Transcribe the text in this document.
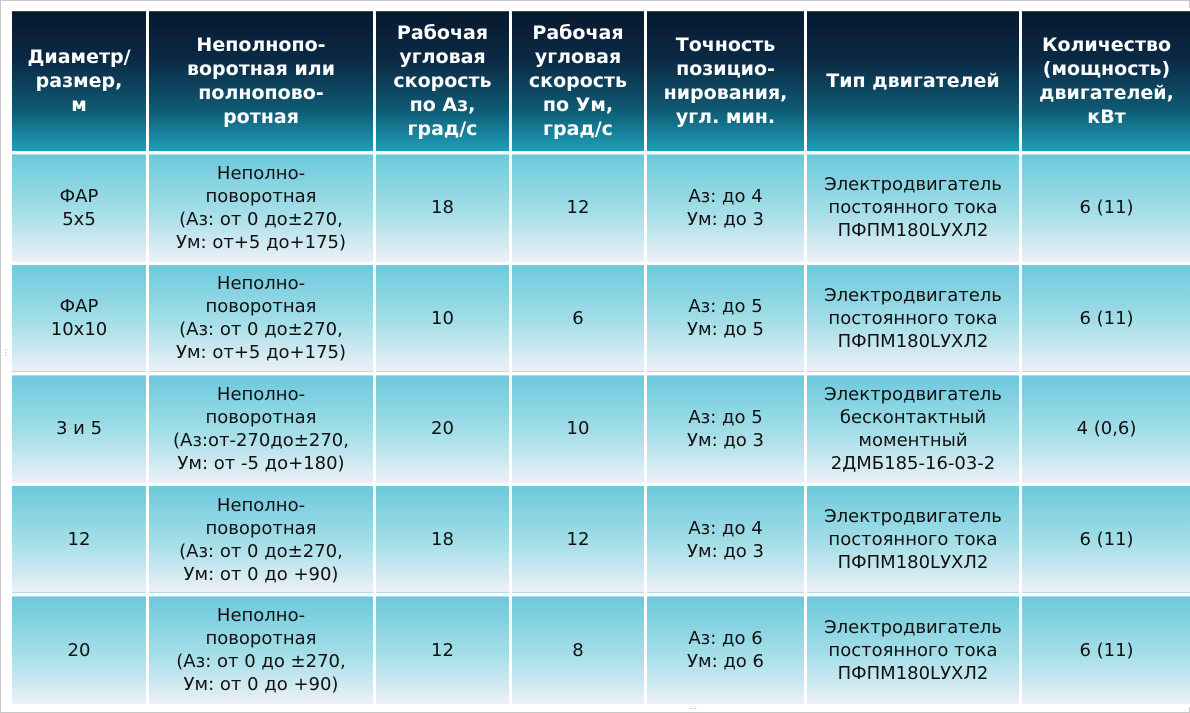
Диаметр/
размер,
м	Неполнопо-
воротная или
полнопово-
ротная	Рабочая
угловая
скорость
по Аз,
град/с	Рабочая
угловая
скорость
по Ум,
град/с	Точность
позицио-
нирования,
угл. мин.	Тип двигателей	Количество
(мощность)
двигателей,
кВт
ФАР
5х5	Неполно-
поворотная
(Аз: от 0 до±270,
Ум: от+5 до+175)	18	12	Аз: до 4
Ум: до 3	Электродвигатель
постоянного тока
ПФПМ180LУХЛ2	6 (11)
ФАР
10х10	Неполно-
поворотная
(Аз: от 0 до±270,
Ум: от+5 до+175)	10	6	Аз: до 5
Ум: до 5	Электродвигатель
постоянного тока
ПФПМ180LУХЛ2	6 (11)
3 и 5	Неполно-
поворотная
(Аз:от-270до±270,
Ум: от -5 до+180)	20	10	Аз: до 5
Ум: до 3	Электродвигатель
бесконтактный
моментный
2ДМБ185-16-03-2	4 (0,6)
12	Неполно-
поворотная
(Аз: от 0 до±270,
Ум: от 0 до +90)	18	12	Аз: до 4
Ум: до 3	Электродвигатель
постоянного тока
ПФПМ180LУХЛ2	6 (11)
20	Неполно-
поворотная
(Аз: от 0 до ±270,
Ум: от 0 до +90)	12	8	Аз: до 6
Ум: до 6	Электродвигатель
постоянного тока
ПФПМ180LУХЛ2	6 (11)
⋮
⋯
